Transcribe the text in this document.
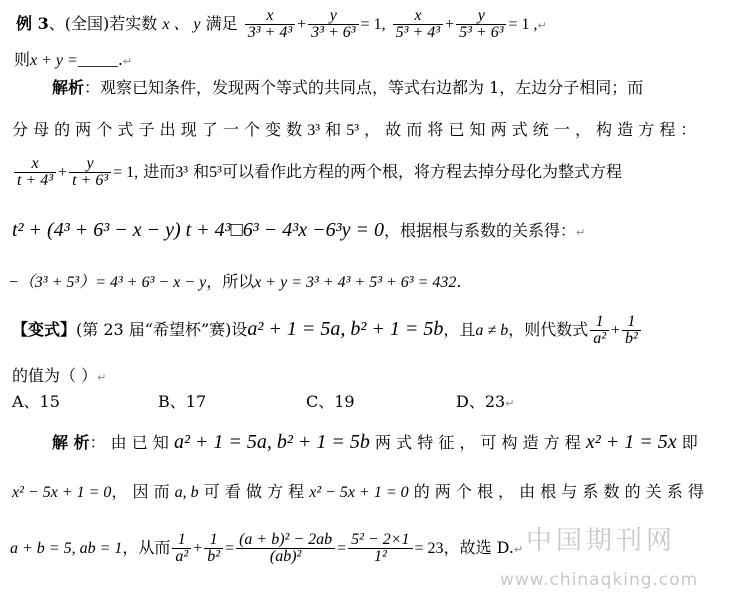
例 3、(全国)若实数 x 、 y 满足 $\frac{x}{\text{3³ + 4³}} + \frac{y}{\text{3³ + 6³}} = 1$, $\frac{x}{\text{5³ + 4³}} + \frac{y}{\text{5³ + 6³}} = 1$ ,↵
则x + y =_____.↵
解析：观察已知条件，发现两个等式的共同点，等式右边都为 1，左边分子相同；而
分 母 的 两 个 式 子 出 现 了 一 个 变 数 3³ 和 5³ ， 故 而 将 已 知 两 式 统 一 ， 构 造 方 程 ：
$\frac{x}{\text{t + 4³}} + \frac{y}{\text{t + 6³}} = 1$, 进而3³ 和5³可以看作此方程的两个根，将方程去掉分母化为整式方程
t² + (4³ + 6³ − x − y) t + 4³□6³ − 4³x −6³y = 0，根据根与系数的关系得：↵
−（3³ + 5³）= 4³ + 6³ − x − y，所以x + y = 3³ + 4³ + 5³ + 6³ = 432.
【变式】(第 23 届“希望杯”赛)设a² + 1 = 5a, b² + 1 = 5b，且a ≠ b，则代数式 $\frac{1}{\text{a²}} + \frac{1}{\text{b²}}$
的值为（ ）↵
A、15	B、17	C、19	D、23↵
解 析： 由 已 知 a² + 1 = 5a, b² + 1 = 5b 两 式 特 征 ， 可 构 造 方 程 x² + 1 = 5x 即
x² − 5x + 1 = 0， 因 而 a, b 可 看 做 方 程 x² − 5x + 1 = 0 的 两 个 根 ， 由 根 与 系 数 的 关 系 得
a + b = 5, ab = 1，从而 $\frac{1}{\text{a²}} + \frac{1}{\text{b²}} = \frac{\text{(a + b)² − 2ab}}{\text{(ab)²}} = \frac{\text{5² − 2×1}}{\text{1²}} = 23$，故选 D.↵ 中国期刊网
www.chinaqking.com
